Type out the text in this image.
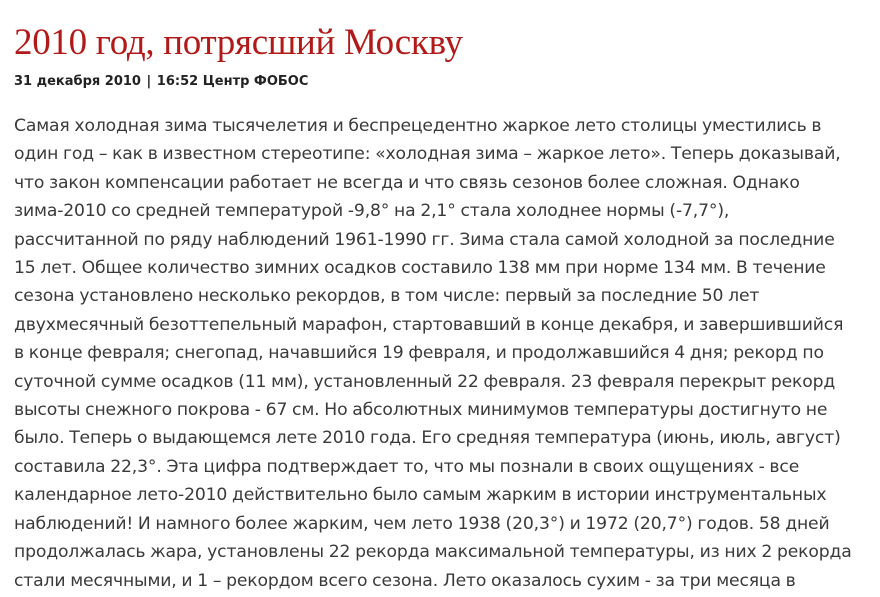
2010 год, потрясший Москву
31 декабря 2010 | 16:52 Центр ФОБОС
Самая холодная зима тысячелетия и беспрецедентно жаркое лето столицы уместились в
один год – как в известном стереотипе: «холодная зима – жаркое лето». Теперь доказывай,
что закон компенсации работает не всегда и что связь сезонов более сложная. Однако
зима-2010 со средней температурой -9,8° на 2,1° стала холоднее нормы (-7,7°),
рассчитанной по ряду наблюдений 1961-1990 гг. Зима стала самой холодной за последние
15 лет. Общее количество зимних осадков составило 138 мм при норме 134 мм. В течение
сезона установлено несколько рекордов, в том числе: первый за последние 50 лет
двухмесячный безоттепельный марафон, стартовавший в конце декабря, и завершившийся
в конце февраля; снегопад, начавшийся 19 февраля, и продолжавшийся 4 дня; рекорд по
суточной сумме осадков (11 мм), установленный 22 февраля. 23 февраля перекрыт рекорд
высоты снежного покрова - 67 см. Но абсолютных минимумов температуры достигнуто не
было. Теперь о выдающемся лете 2010 года. Его средняя температура (июнь, июль, август)
составила 22,3°. Эта цифра подтверждает то, что мы познали в своих ощущениях - все
календарное лето-2010 действительно было самым жарким в истории инструментальных
наблюдений! И намного более жарким, чем лето 1938 (20,3°) и 1972 (20,7°) годов. 58 дней
продолжалась жара, установлены 22 рекорда максимальной температуры, из них 2 рекорда
стали месячными, и 1 – рекордом всего сезона. Лето оказалось сухим - за три месяца в
